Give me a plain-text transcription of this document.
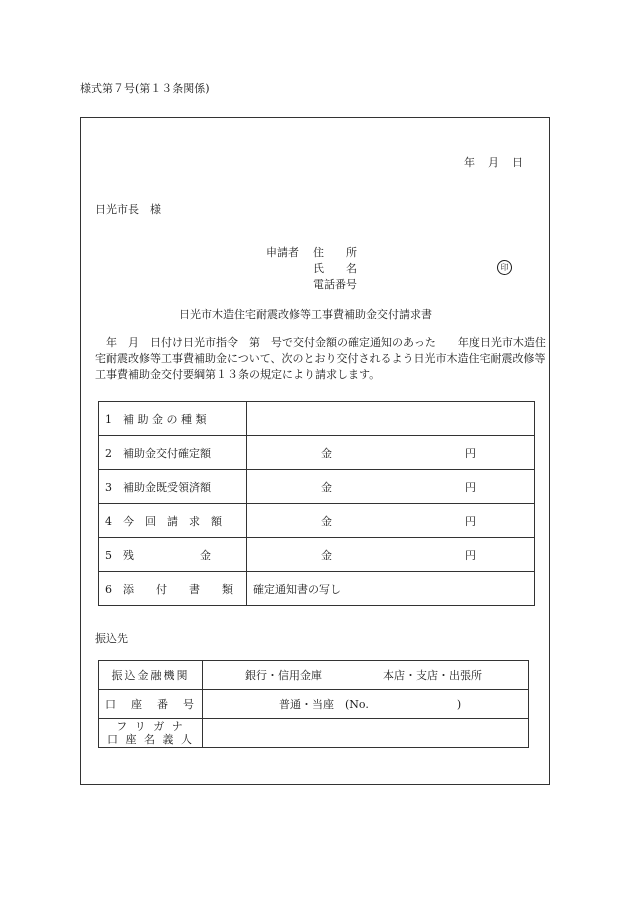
様式第７号(第１３条関係)
年　月　日
日光市長　様
申請者 住　　所
氏　　名	印
電話番号
日光市木造住宅耐震改修等工事費補助金交付請求書
　年　月　日付け日光市指令　第　号で交付金額の確定通知のあった　　年度日光市木造住宅耐震改修等工事費補助金について、次のとおり交付されるよう日光市木造住宅耐震改修等工事費補助金交付要綱第１３条の規定により請求します。
1　補 助 金 の 種 類	
2　補助金交付確定額	金 円

3　補助金既受領済額	金 円

4　今　回　請　求　額	金 円

5　残　　　　　　金	金 円

6　添　　付　　書　　類	確定通知書の写し
振込先
振込金融機関	銀行・信用金庫 本店・支店・出張所

口　座　番　号	普通・当座　(No.　　　　　　　　)

フ リ ガ ナ
口 座 名 義 人	
